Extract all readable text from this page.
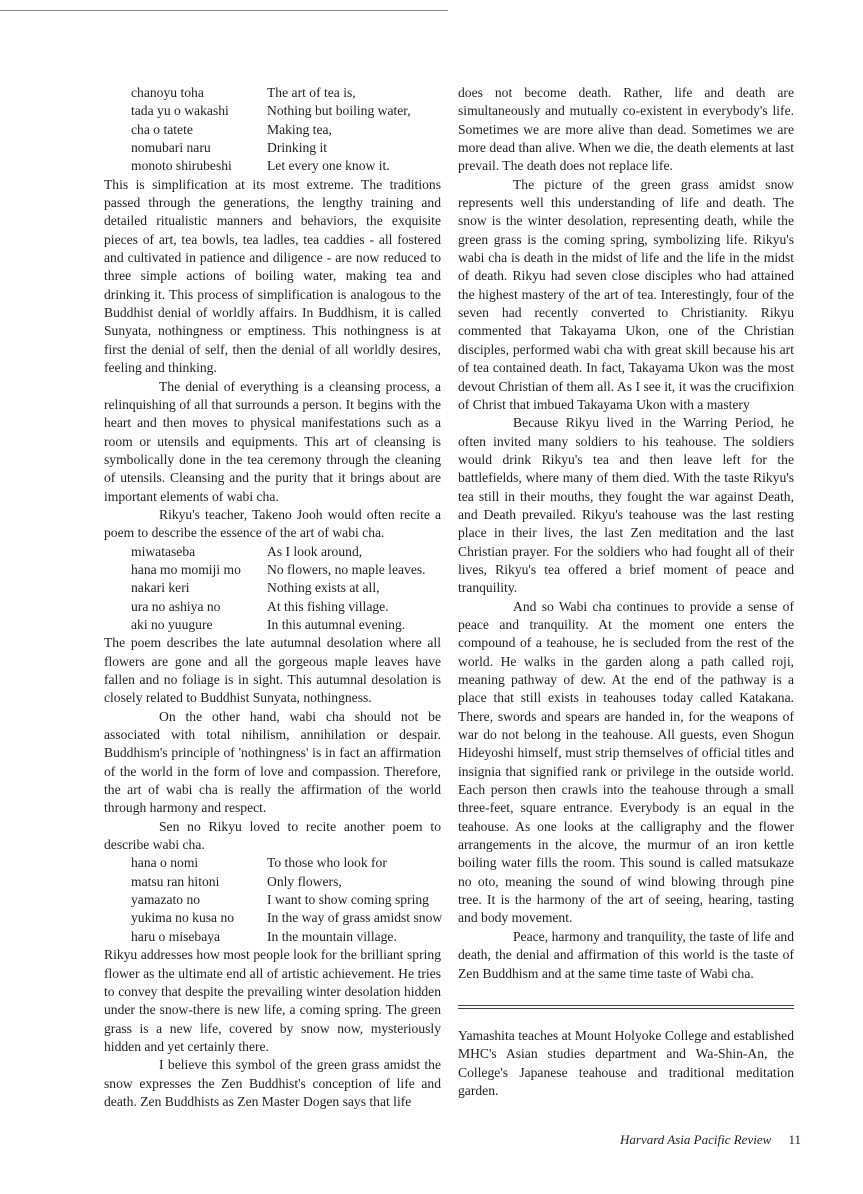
chanoyu toha	The art of tea is,
tada yu o wakashi	Nothing but boiling water,
cha o tatete	Making tea,
nomubari naru	Drinking it
monoto shirubeshi	Let every one know it.

This is simplification at its most extreme. The traditions passed through the generations, the lengthy training and detailed ritualistic manners and behaviors, the exquisite pieces of art, tea bowls, tea ladles, tea caddies - all fostered and cultivated in patience and diligence - are now reduced to three simple actions of boiling water, making tea and drinking it. This process of simplification is analogous to the Buddhist denial of worldly affairs. In Buddhism, it is called Sunyata, nothingness or emptiness. This nothingness is at first the denial of self, then the denial of all worldly desires, feeling and thinking.

The denial of everything is a cleansing process, a relinquishing of all that surrounds a person. It begins with the heart and then moves to physical manifestations such as a room or utensils and equipments. This art of cleansing is symbolically done in the tea ceremony through the cleaning of utensils. Cleansing and the purity that it brings about are important elements of wabi cha.

Rikyu's teacher, Takeno Jooh would often recite a poem to describe the essence of the art of wabi cha.

miwataseba	As I look around,
hana mo momiji mo	No flowers, no maple leaves.
nakari keri	Nothing exists at all,
ura no ashiya no	At this fishing village.
aki no yuugure	In this autumnal evening.

The poem describes the late autumnal desolation where all flowers are gone and all the gorgeous maple leaves have fallen and no foliage is in sight. This autumnal desolation is closely related to Buddhist Sunyata, nothingness.

On the other hand, wabi cha should not be associated with total nihilism, annihilation or despair. Buddhism's principle of 'nothingness' is in fact an affirmation of the world in the form of love and compassion. Therefore, the art of wabi cha is really the affirmation of the world through harmony and respect.

Sen no Rikyu loved to recite another poem to describe wabi cha.

hana o nomi	To those who look for
matsu ran hitoni	Only flowers,
yamazato no	I want to show coming spring
yukima no kusa no	In the way of grass amidst snow
haru o misebaya	In the mountain village.

Rikyu addresses how most people look for the brilliant spring flower as the ultimate end all of artistic achievement. He tries to convey that despite the prevailing winter desolation hidden under the snow-there is new life, a coming spring. The green grass is a new life, covered by snow now, mysteriously hidden and yet certainly there.

I believe this symbol of the green grass amidst the snow expresses the Zen Buddhist's conception of life and death. Zen Buddhists as Zen Master Dogen says that life

does not become death. Rather, life and death are simultaneously and mutually co-existent in everybody's life. Sometimes we are more alive than dead. Sometimes we are more dead than alive. When we die, the death elements at last prevail. The death does not replace life.

The picture of the green grass amidst snow represents well this understanding of life and death. The snow is the winter desolation, representing death, while the green grass is the coming spring, symbolizing life. Rikyu's wabi cha is death in the midst of life and the life in the midst of death. Rikyu had seven close disciples who had attained the highest mastery of the art of tea. Interestingly, four of the seven had recently converted to Christianity. Rikyu commented that Takayama Ukon, one of the Christian disciples, performed wabi cha with great skill because his art of tea contained death. In fact, Takayama Ukon was the most devout Christian of them all. As I see it, it was the crucifixion of Christ that imbued Takayama Ukon with a mastery

Because Rikyu lived in the Warring Period, he often invited many soldiers to his teahouse. The soldiers would drink Rikyu's tea and then leave left for the battlefields, where many of them died. With the taste Rikyu's tea still in their mouths, they fought the war against Death, and Death prevailed. Rikyu's teahouse was the last resting place in their lives, the last Zen meditation and the last Christian prayer. For the soldiers who had fought all of their lives, Rikyu's tea offered a brief moment of peace and tranquility.

And so Wabi cha continues to provide a sense of peace and tranquility. At the moment one enters the compound of a teahouse, he is secluded from the rest of the world. He walks in the garden along a path called roji, meaning pathway of dew. At the end of the pathway is a place that still exists in teahouses today called Katakana. There, swords and spears are handed in, for the weapons of war do not belong in the teahouse. All guests, even Shogun Hideyoshi himself, must strip themselves of official titles and insignia that signified rank or privilege in the outside world. Each person then crawls into the teahouse through a small three-feet, square entrance. Everybody is an equal in the teahouse. As one looks at the calligraphy and the flower arrangements in the alcove, the murmur of an iron kettle boiling water fills the room. This sound is called matsukaze no oto, meaning the sound of wind blowing through pine tree. It is the harmony of the art of seeing, hearing, tasting and body movement.

Peace, harmony and tranquility, the taste of life and death, the denial and affirmation of this world is the taste of Zen Buddhism and at the same time taste of Wabi cha.

Yamashita teaches at Mount Holyoke College and established MHC's Asian studies department and Wa-Shin-An, the College's Japanese teahouse and traditional meditation garden.

Harvard Asia Pacific Review 11
